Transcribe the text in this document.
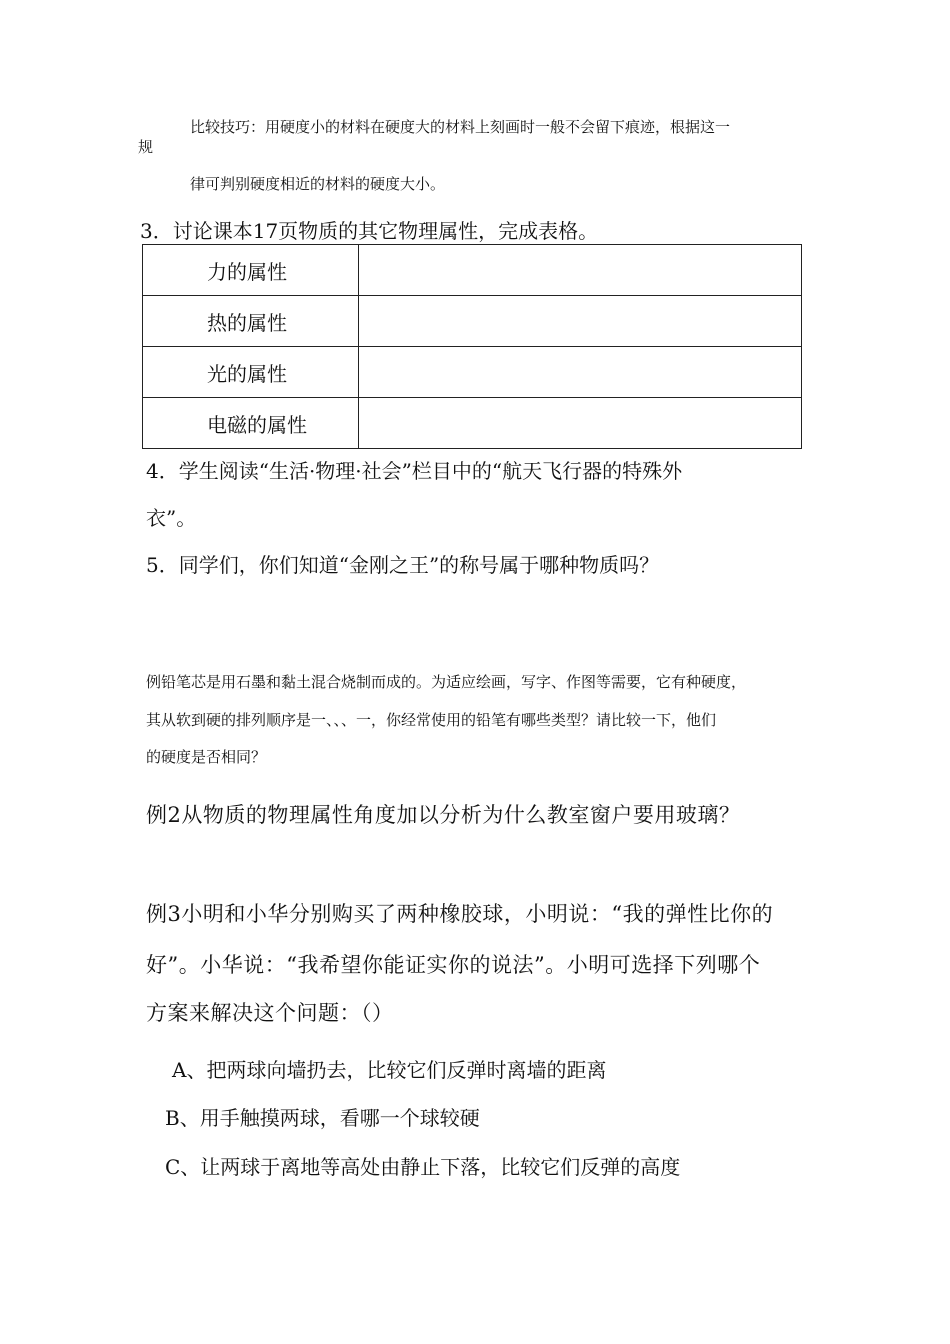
比较技巧：用硬度小的材料在硬度大的材料上刻画时一般不会留下痕迹，根据这一
规
律可判别硬度相近的材料的硬度大小。
3．讨论课本17页物质的其它物理属性，完成表格。
力的属性	
热的属性	
光的属性	
电磁的属性	
4．学生阅读“生活·物理·社会”栏目中的“航天飞行器的特殊外
衣”。
5．同学们，你们知道“金刚之王”的称号属于哪种物质吗？
例铅笔芯是用石墨和黏土混合烧制而成的。为适应绘画，写字、作图等需要，它有种硬度，
其从软到硬的排列顺序是一、、、一，你经常使用的铅笔有哪些类型？请比较一下，他们
的硬度是否相同？
例2从物质的物理属性角度加以分析为什么教室窗户要用玻璃？
例3小明和小华分别购买了两种橡胶球，小明说：“我的弹性比你的
好”。小华说：“我希望你能证实你的说法”。小明可选择下列哪个
方案来解决这个问题：（）
A、把两球向墙扔去，比较它们反弹时离墙的距离
B、用手触摸两球，看哪一个球较硬
C、让两球于离地等高处由静止下落，比较它们反弹的高度
